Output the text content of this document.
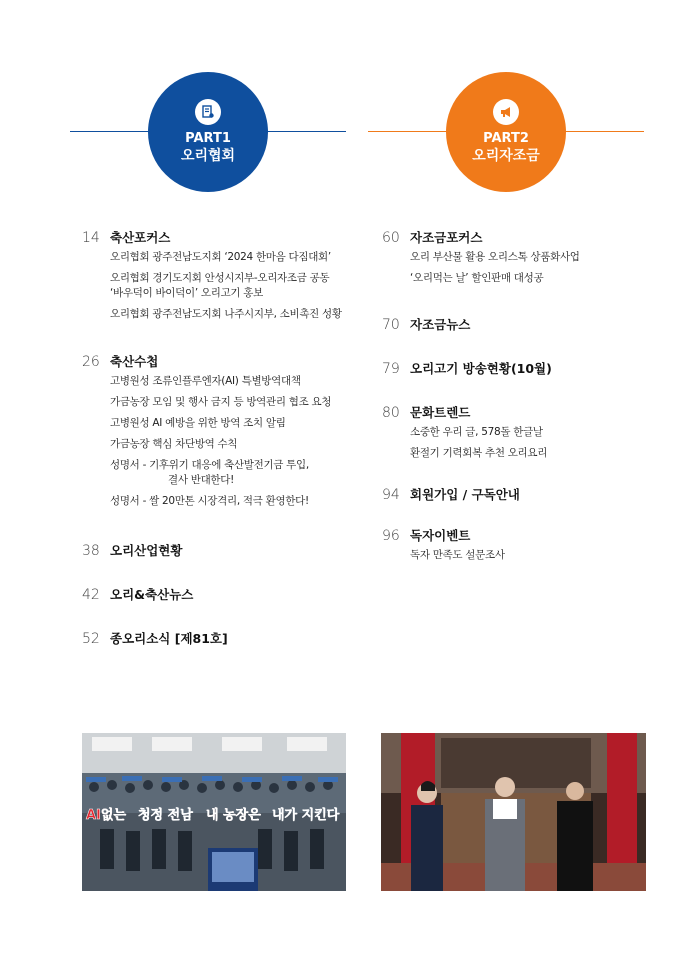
PART1
오리협회
PART2
오리자조금
14 축산포커스
오리협회 광주전남도지회 ‘2024 한마음 다짐대회’
오리협회 경기도지회 안성시지부-오리자조금 공동
‘바우덕이 바이덕이’ 오리고기 홍보
오리협회 광주전남도지회 나주시지부, 소비촉진 성황
26 축산수첩
고병원성 조류인플루엔자(AI) 특별방역대책
가금농장 모임 및 행사 금지 등 방역관리 협조 요청
고병원성 AI 예방을 위한 방역 조치 알림
가금농장 핵심 차단방역 수칙
성명서 - 기후위기 대응에 축산발전기금 투입,
결사 반대한다!
성명서 - 쌀 20만톤 시장격리, 적극 환영한다!
38 오리산업현황
42 오리&축산뉴스
52 종오리소식 [제81호]
60 자조금포커스
오리 부산물 활용 오리스톡 상품화사업
‘오리먹는 날’ 할인판매 대성공
70 자조금뉴스
79 오리고기 방송현황(10월)
80 문화트렌드
소중한 우리 글, 578돌 한글날
환절기 기력회복 추천 오리요리
94 회원가입 / 구독안내
96 독자이벤트
독자 만족도 설문조사
AI없는 청정 전남 내 농장은 내가 지킨다
